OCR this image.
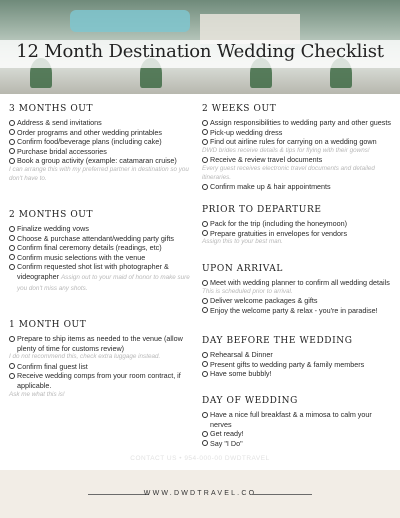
12 Month Destination Wedding Checklist
3 MONTHS OUT
Address & send invitations
Order programs and other wedding printables
Confirm food/beverage plans (including cake)
Purchase bridal accessories
Book a group activity (example: catamaran cruise)
I can arrange this with my preferred partner in destination so you don't have to.
2 MONTHS OUT
Finalize wedding vows
Choose & purchase attendant/wedding party gifts
Confirm final ceremony details (readings, etc)
Confirm music selections with the venue
Confirm requested shot list with photographer & videographer Assign out to your maid of honor to make sure you don't miss any shots.
1 MONTH OUT
Prepare to ship items as needed to the venue (allow plenty of time for customs review)
I do not recommend this, check extra luggage instead.
Confirm final guest list
Receive wedding comps from your room contract, if applicable.
Ask me what this is!
2 WEEKS OUT
Assign responsibilities to wedding party and other guests
Pick-up wedding dress
Find out airline rules for carrying on a wedding gown
DWD brides receive details & tips for flying with their gowns!
Receive & review travel documents
Every guest receives electronic travel documents and detailed itineraries.
Confirm make up & hair appointments
PRIOR TO DEPARTURE
Pack for the trip (including the honeymoon)
Prepare gratuities in envelopes for vendors
Assign this to your best man.
UPON ARRIVAL
Meet with wedding planner to confirm all wedding details
This is scheduled prior to arrival.
Deliver welcome packages & gifts
Enjoy the welcome party & relax - you're in paradise!
DAY BEFORE THE WEDDING
Rehearsal & Dinner
Present gifts to wedding party & family members
Have some bubbly!
DAY OF WEDDING
Have a nice full breakfast & a mimosa to calm your nerves
Get ready!
Say "I Do"
CONTACT US • 954-000-00 DWDTRAVEL
WWW.DWDTRAVEL.CO
